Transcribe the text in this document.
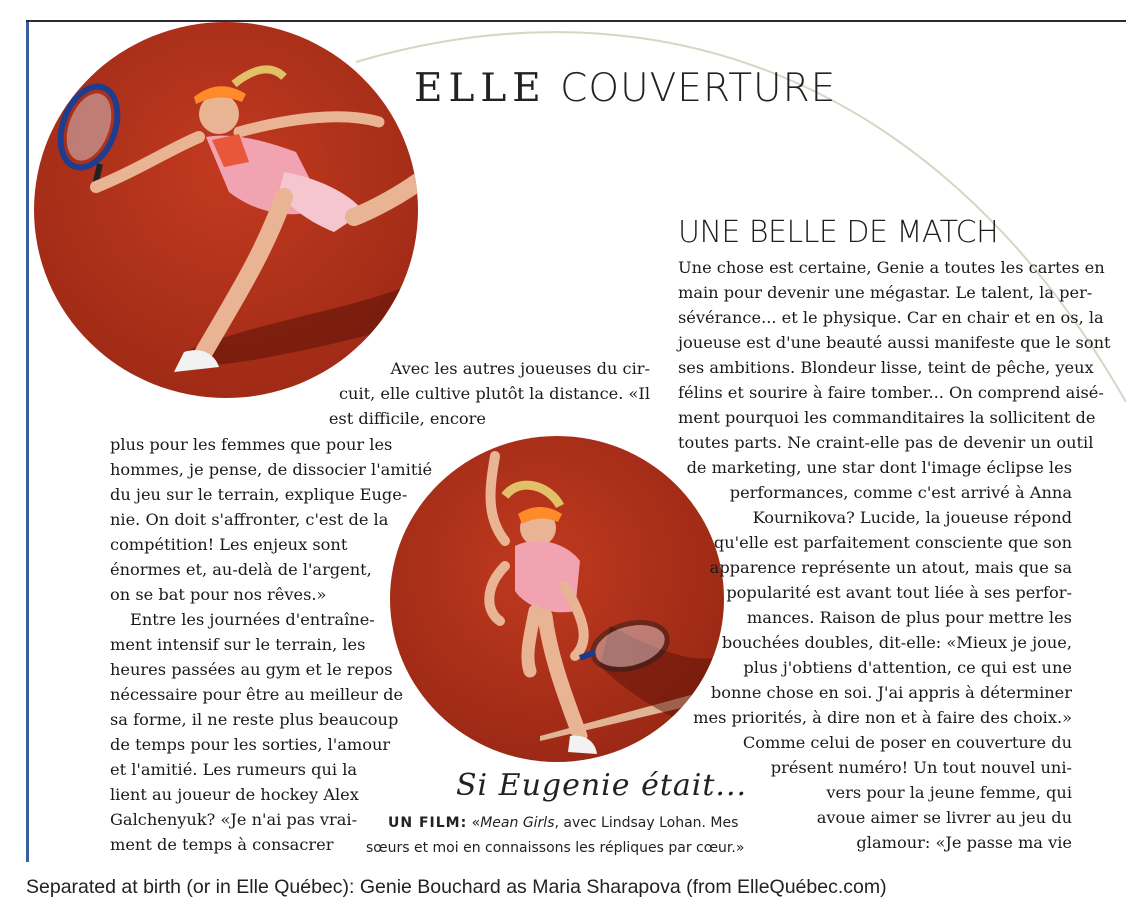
ELLE COUVERTURE
UNE BELLE DE MATCH
Une chose est certaine, Genie a toutes les cartes en
main pour devenir une mégastar. Le talent, la per-
sévérance... et le physique. Car en chair et en os, la
joueuse est d'une beauté aussi manifeste que le sont
ses ambitions. Blondeur lisse, teint de pêche, yeux
félins et sourire à faire tomber... On comprend aisé-
ment pourquoi les commanditaires la sollicitent de
toutes parts. Ne craint-elle pas de devenir un outil
de marketing, une star dont l'image éclipse les
performances, comme c'est arrivé à Anna
Kournikova? Lucide, la joueuse répond
qu'elle est parfaitement consciente que son
apparence représente un atout, mais que sa
popularité est avant tout liée à ses perfor-
mances. Raison de plus pour mettre les
bouchées doubles, dit-elle: «Mieux je joue,
plus j'obtiens d'attention, ce qui est une
bonne chose en soi. J'ai appris à déterminer
mes priorités, à dire non et à faire des choix.»
Comme celui de poser en couverture du
présent numéro! Un tout nouvel uni-
vers pour la jeune femme, qui
avoue aimer se livrer au jeu du
glamour: «Je passe ma vie
Avec les autres joueuses du cir-
cuit, elle cultive plutôt la distance. «Il
est difficile, encore
plus pour les femmes que pour les
hommes, je pense, de dissocier l'amitié
du jeu sur le terrain, explique Euge-
nie. On doit s'affronter, c'est de la
compétition! Les enjeux sont
énormes et, au-delà de l'argent,
on se bat pour nos rêves.»
Entre les journées d'entraîne-
ment intensif sur le terrain, les
heures passées au gym et le repos
nécessaire pour être au meilleur de
sa forme, il ne reste plus beaucoup
de temps pour les sorties, l'amour
et l'amitié. Les rumeurs qui la
lient au joueur de hockey Alex
Galchenyuk? «Je n'ai pas vrai-
ment de temps à consacrer
Si Eugenie était...
UN FILM: «Mean Girls, avec Lindsay Lohan. Mes
sœurs et moi en connaissons les répliques par cœur.»
Separated at birth (or in Elle Québec): Genie Bouchard as Maria Sharapova (from ElleQuébec.com)
